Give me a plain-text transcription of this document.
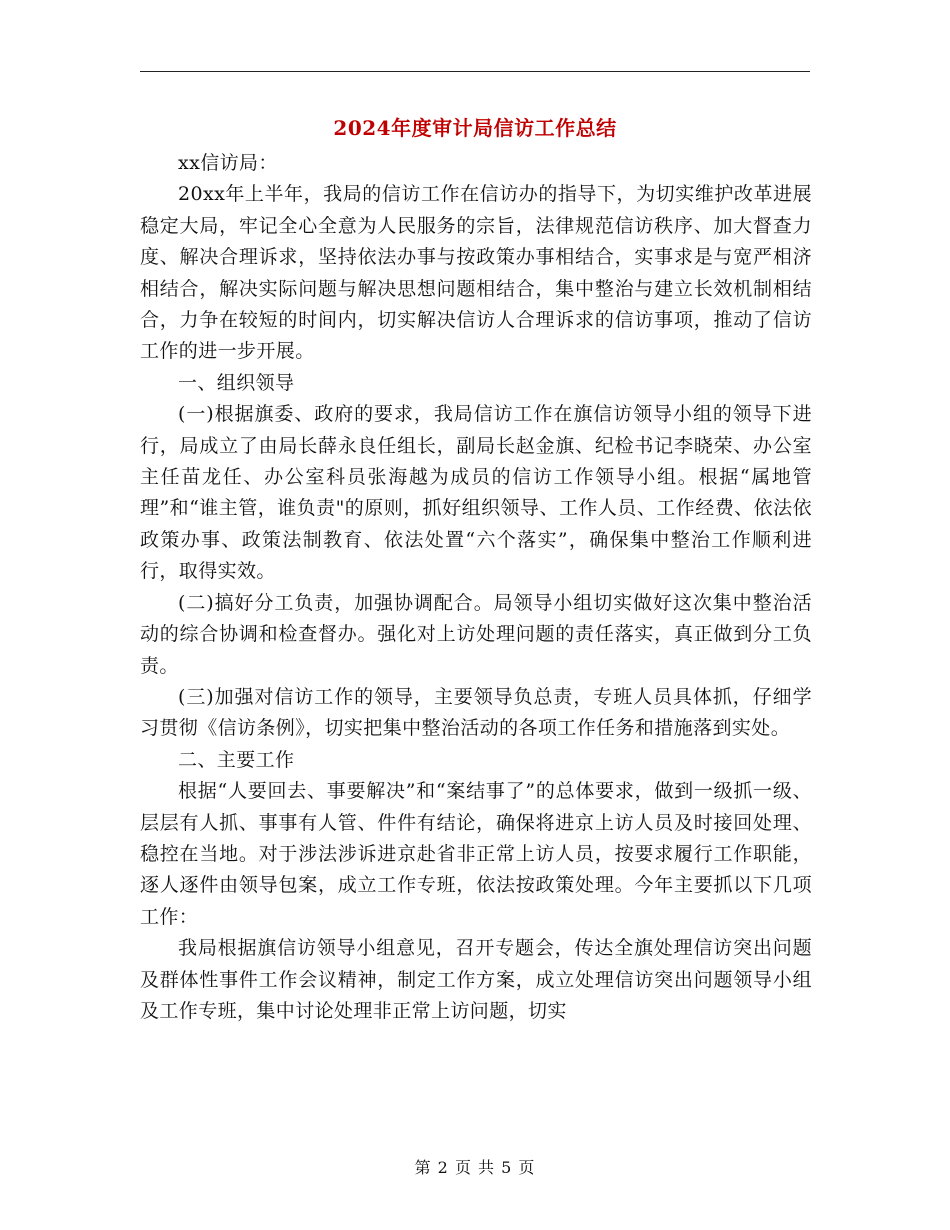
2024年度审计局信访工作总结

xx信访局：

20xx年上半年，我局的信访工作在信访办的指导下，为切实维护改革进展稳定大局，牢记全心全意为人民服务的宗旨，法律规范信访秩序、加大督查力度、解决合理诉求，坚持依法办事与按政策办事相结合，实事求是与宽严相济相结合，解决实际问题与解决思想问题相结合，集中整治与建立长效机制相结合，力争在较短的时间内，切实解决信访人合理诉求的信访事项，推动了信访工作的进一步开展。

一、组织领导

(一)根据旗委、政府的要求，我局信访工作在旗信访领导小组的领导下进行，局成立了由局长薛永良任组长，副局长赵金旗、纪检书记李晓荣、办公室主任苗龙任、办公室科员张海越为成员的信访工作领导小组。根据“属地管理”和“谁主管，谁负责"的原则，抓好组织领导、工作人员、工作经费、依法依政策办事、政策法制教育、依法处置“六个落实”，确保集中整治工作顺利进行，取得实效。

(二)搞好分工负责，加强协调配合。局领导小组切实做好这次集中整治活动的综合协调和检查督办。强化对上访处理问题的责任落实，真正做到分工负责。

(三)加强对信访工作的领导，主要领导负总责，专班人员具体抓，仔细学习贯彻《信访条例》，切实把集中整治活动的各项工作任务和措施落到实处。

二、主要工作

根据“人要回去、事要解决”和“案结事了”的总体要求，做到一级抓一级、层层有人抓、事事有人管、件件有结论，确保将进京上访人员及时接回处理、稳控在当地。对于涉法涉诉进京赴省非正常上访人员，按要求履行工作职能，逐人逐件由领导包案，成立工作专班，依法按政策处理。今年主要抓以下几项工作：

我局根据旗信访领导小组意见，召开专题会，传达全旗处理信访突出问题及群体性事件工作会议精神，制定工作方案，成立处理信访突出问题领导小组及工作专班，集中讨论处理非正常上访问题，切实

第 2 页 共 5 页
